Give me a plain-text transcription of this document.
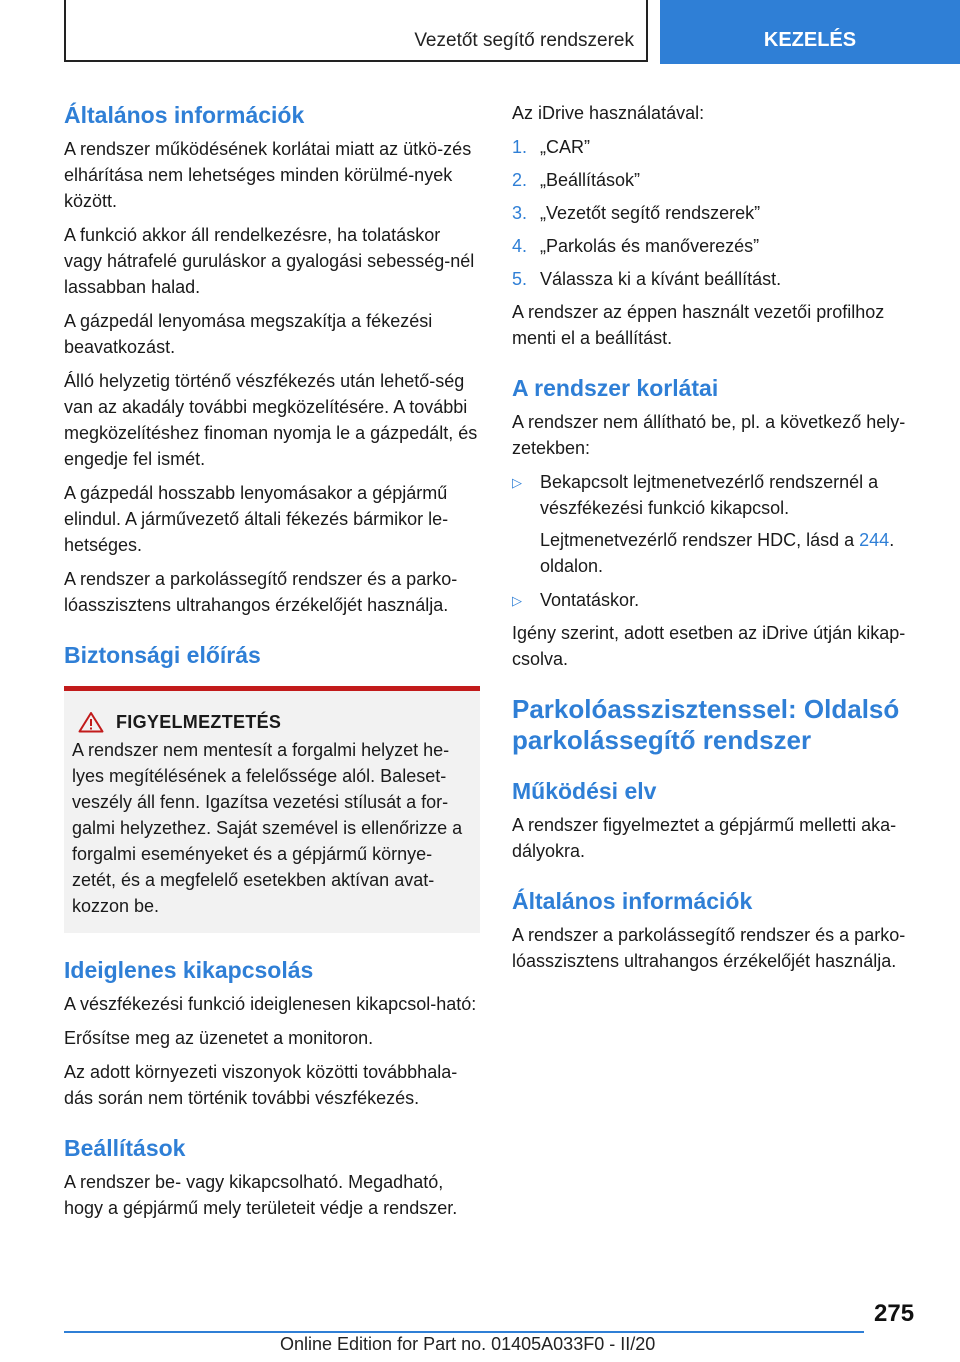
Vezetőt segítő rendszerek	KEZELÉS
Általános információk

A rendszer működésének korlátai miatt az ütkö-zés elhárítása nem lehetséges minden körülmé-nyek között.

A funkció akkor áll rendelkezésre, ha tolatáskor vagy hátrafelé guruláskor a gyalogási sebesség-nél lassabban halad.

A gázpedál lenyomása megszakítja a fékezési beavatkozást.

Álló helyzetig történő vészfékezés után lehető-ség van az akadály további megközelítésére. A további megközelítéshez finoman nyomja le a gázpedált, és engedje fel ismét.

A gázpedál hosszabb lenyomásakor a gépjármű elindul. A járművezető általi fékezés bármikor le-hetséges.

A rendszer a parkolássegítő rendszer és a parko-lóasszisztens ultrahangos érzékelőjét használja.

Biztonsági előírás
FIGYELMEZTETÉS

A rendszer nem mentesít a forgalmi helyzet he-lyes megítélésének a felelőssége alól. Baleset-veszély áll fenn. Igazítsa vezetési stílusát a for-galmi helyzethez. Saját szemével is ellenőrizze a forgalmi eseményeket és a gépjármű környe-zetét, és a megfelelő esetekben aktívan avat-kozzon be.

Ideiglenes kikapcsolás

A vészfékezési funkció ideiglenesen kikapcsol-ható:

Erősítse meg az üzenetet a monitoron.

Az adott környezeti viszonyok közötti továbbhala-dás során nem történik további vészfékezés.

Beállítások

A rendszer be- vagy kikapcsolható. Megadható, hogy a gépjármű mely területeit védje a rendszer.

Az iDrive használatával:

1. „CAR”
2. „Beállítások”
3. „Vezetőt segítő rendszerek”
4. „Parkolás és manőverezés”
5. Válassza ki a kívánt beállítást.

A rendszer az éppen használt vezetői profilhoz menti el a beállítást.

A rendszer korlátai

A rendszer nem állítható be, pl. a következő hely-zetekben:

▷	Bekapcsolt lejtmenetvezérlő rendszernél a vészfékezési funkció kikapcsol.

Lejtmenetvezérlő rendszer HDC, lásd a 244.
oldalon.

▷	Vontatáskor.

Igény szerint, adott esetben az iDrive útján kikap-csolva.

Parkolóasszisztenssel: Oldalsó parkolássegítő rendszer
Működési elv

A rendszer figyelmeztet a gépjármű melletti aka-dályokra.

Általános információk

A rendszer a parkolássegítő rendszer és a parko-lóasszisztens ultrahangos érzékelőjét használja.

275
Online Edition for Part no. 01405A033F0 - II/20
